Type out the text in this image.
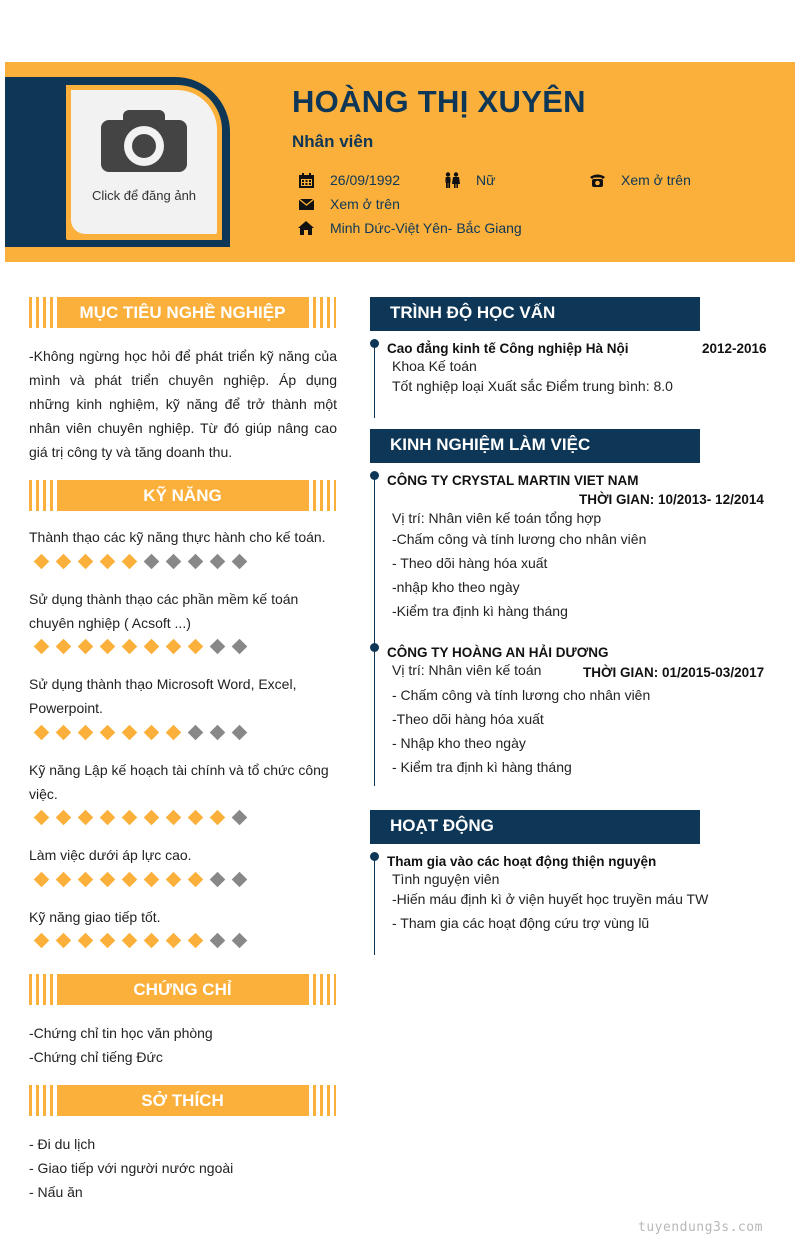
Click để đăng ảnh
HOÀNG THỊ XUYÊN
Nhân viên
26/09/1992	Nữ	Xem ở trên
Xem ở trên
Minh Dức-Việt Yên- Bắc Giang
MỤC TIÊU NGHỀ NGHIỆP
-Không ngừng học hỏi để phát triển kỹ năng của mình và phát triển chuyên nghiệp. Áp dụng những kinh nghiệm, kỹ năng để trở thành một nhân viên chuyên nghiệp. Từ đó giúp nâng cao giá trị công ty và tăng doanh thu.
KỸ NĂNG
Thành thạo các kỹ năng thực hành cho kế toán.
Sử dụng thành thạo các phần mềm kế toán chuyên nghiệp ( Acsoft ...)
Sử dụng thành thạo Microsoft Word, Excel, Powerpoint.
Kỹ năng Lập kế hoạch tài chính và tổ chức công việc.
Làm việc dưới áp lực cao.
Kỹ năng giao tiếp tốt.
CHỨNG CHỈ
-Chứng chỉ tin học văn phòng
-Chứng chỉ tiếng Đức
SỞ THÍCH
- Đi du lịch
- Giao tiếp với người nước ngoài
- Nấu ăn
TRÌNH ĐỘ HỌC VẤN
Cao đẳng kinh tế Công nghiệp Hà Nội	2012-2016
Khoa Kế toán
Tốt nghiệp loại Xuất sắc Điểm trung bình: 8.0
KINH NGHIỆM LÀM VIỆC
CÔNG TY CRYSTAL MARTIN VIET NAM
THỜI GIAN: 10/2013- 12/2014
Vị trí: Nhân viên kế toán tổng hợp
-Chấm công và tính lương cho nhân viên
- Theo dõi hàng hóa xuất
-nhập kho theo ngày
-Kiểm tra định kì hàng tháng
CÔNG TY HOÀNG AN HẢI DƯƠNG
Vị trí: Nhân viên kế toán	THỜI GIAN: 01/2015-03/2017
- Chấm công và tính lương cho nhân viên
-Theo dõi hàng hóa xuất
- Nhập kho theo ngày
- Kiểm tra định kì hàng tháng
HOẠT ĐỘNG
Tham gia vào các hoạt động thiện nguyện
Tình nguyện viên
-Hiến máu định kì ở viện huyết học truyền máu TW
- Tham gia các hoạt động cứu trợ vùng lũ
tuyendung3s.com
